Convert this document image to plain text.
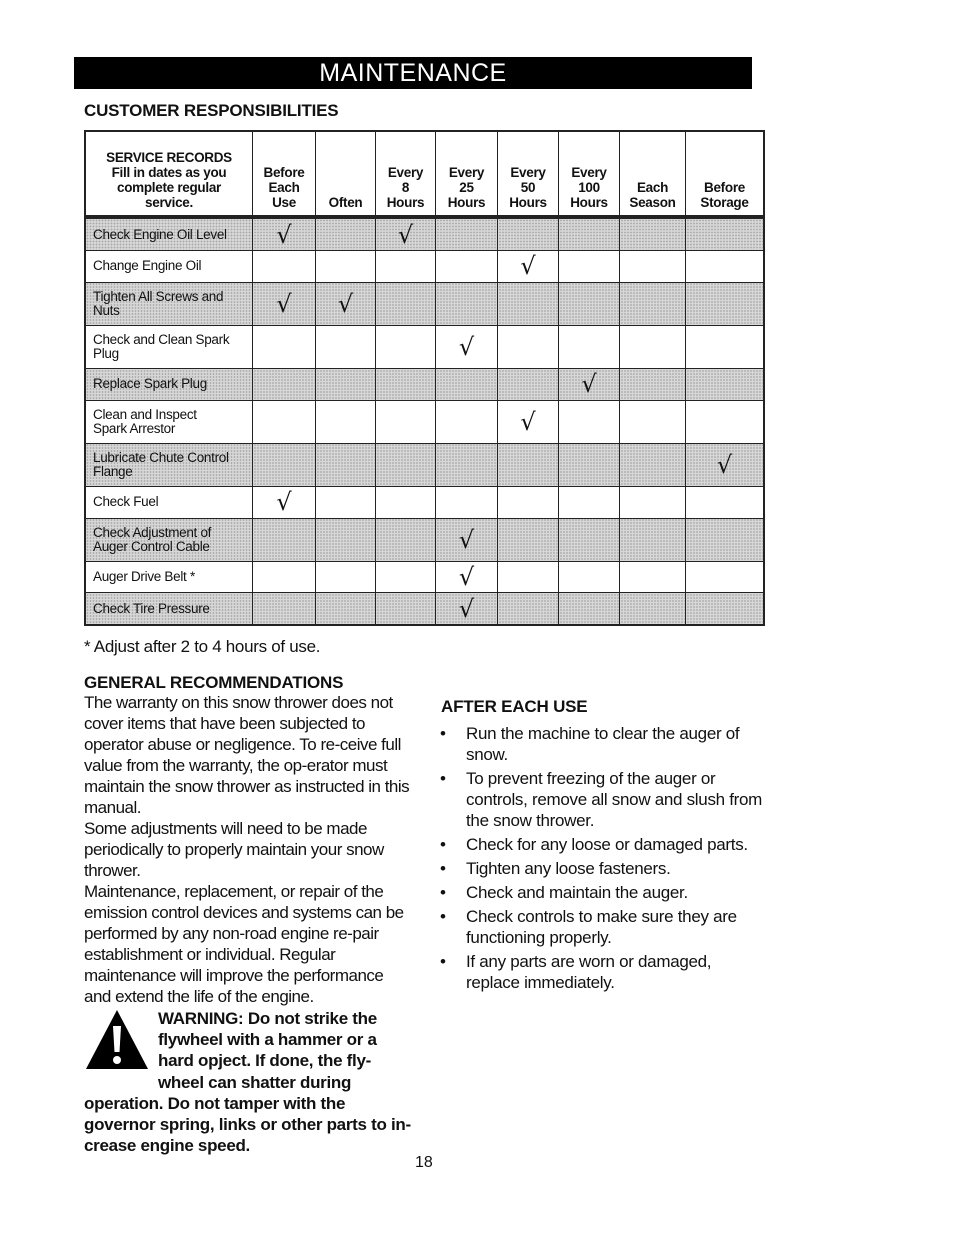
MAINTENANCE
CUSTOMER RESPONSIBILITIES
SERVICE RECORDS
Fill in dates as you
complete regular
service.	Before
Each
Use	Often	Every
8
Hours	Every
25
Hours	Every
50
Hours	Every
100
Hours	Each
Season	Before
Storage

Check Engine Oil Level	√		√					

Change Engine Oil					√			

Tighten All Screws and
Nuts	√	√						

Check and Clean Spark
Plug				√				

Replace Spark Plug						√		

Clean and Inspect
Spark Arrestor					√			

Lubricate Chute Control
Flange								√

Check Fuel	√							

Check Adjustment of
Auger Control Cable				√				

Auger Drive Belt *				√				

Check Tire Pressure				√				
* Adjust after 2 to 4 hours of use.
GENERAL RECOMMENDATIONS

The warranty on this snow thrower does not cover items that have been subjected to operator abuse or negligence. To re-ceive full value from the warranty, the op-erator must maintain the snow thrower as instructed in this manual.

Some adjustments will need to be made periodically to properly maintain your snow thrower.

Maintenance, replacement, or repair of the emission control devices and systems can be performed by any non-road engine re-pair establishment or individual. Regular maintenance will improve the performance and extend the life of the engine.

WARNING: Do not strike the flywheel with a hammer or a hard opject. If done, the fly-wheel can shatter during operation. Do not tamper with the governor spring, links or other parts to in-crease engine speed.
AFTER EACH USE
• Run the machine to clear the auger of snow.
• To prevent freezing of the auger or controls, remove all snow and slush from the snow thrower.
• Check for any loose or damaged parts.
• Tighten any loose fasteners.
• Check and maintain the auger.
• Check controls to make sure they are functioning properly.
• If any parts are worn or damaged, replace immediately.
18
